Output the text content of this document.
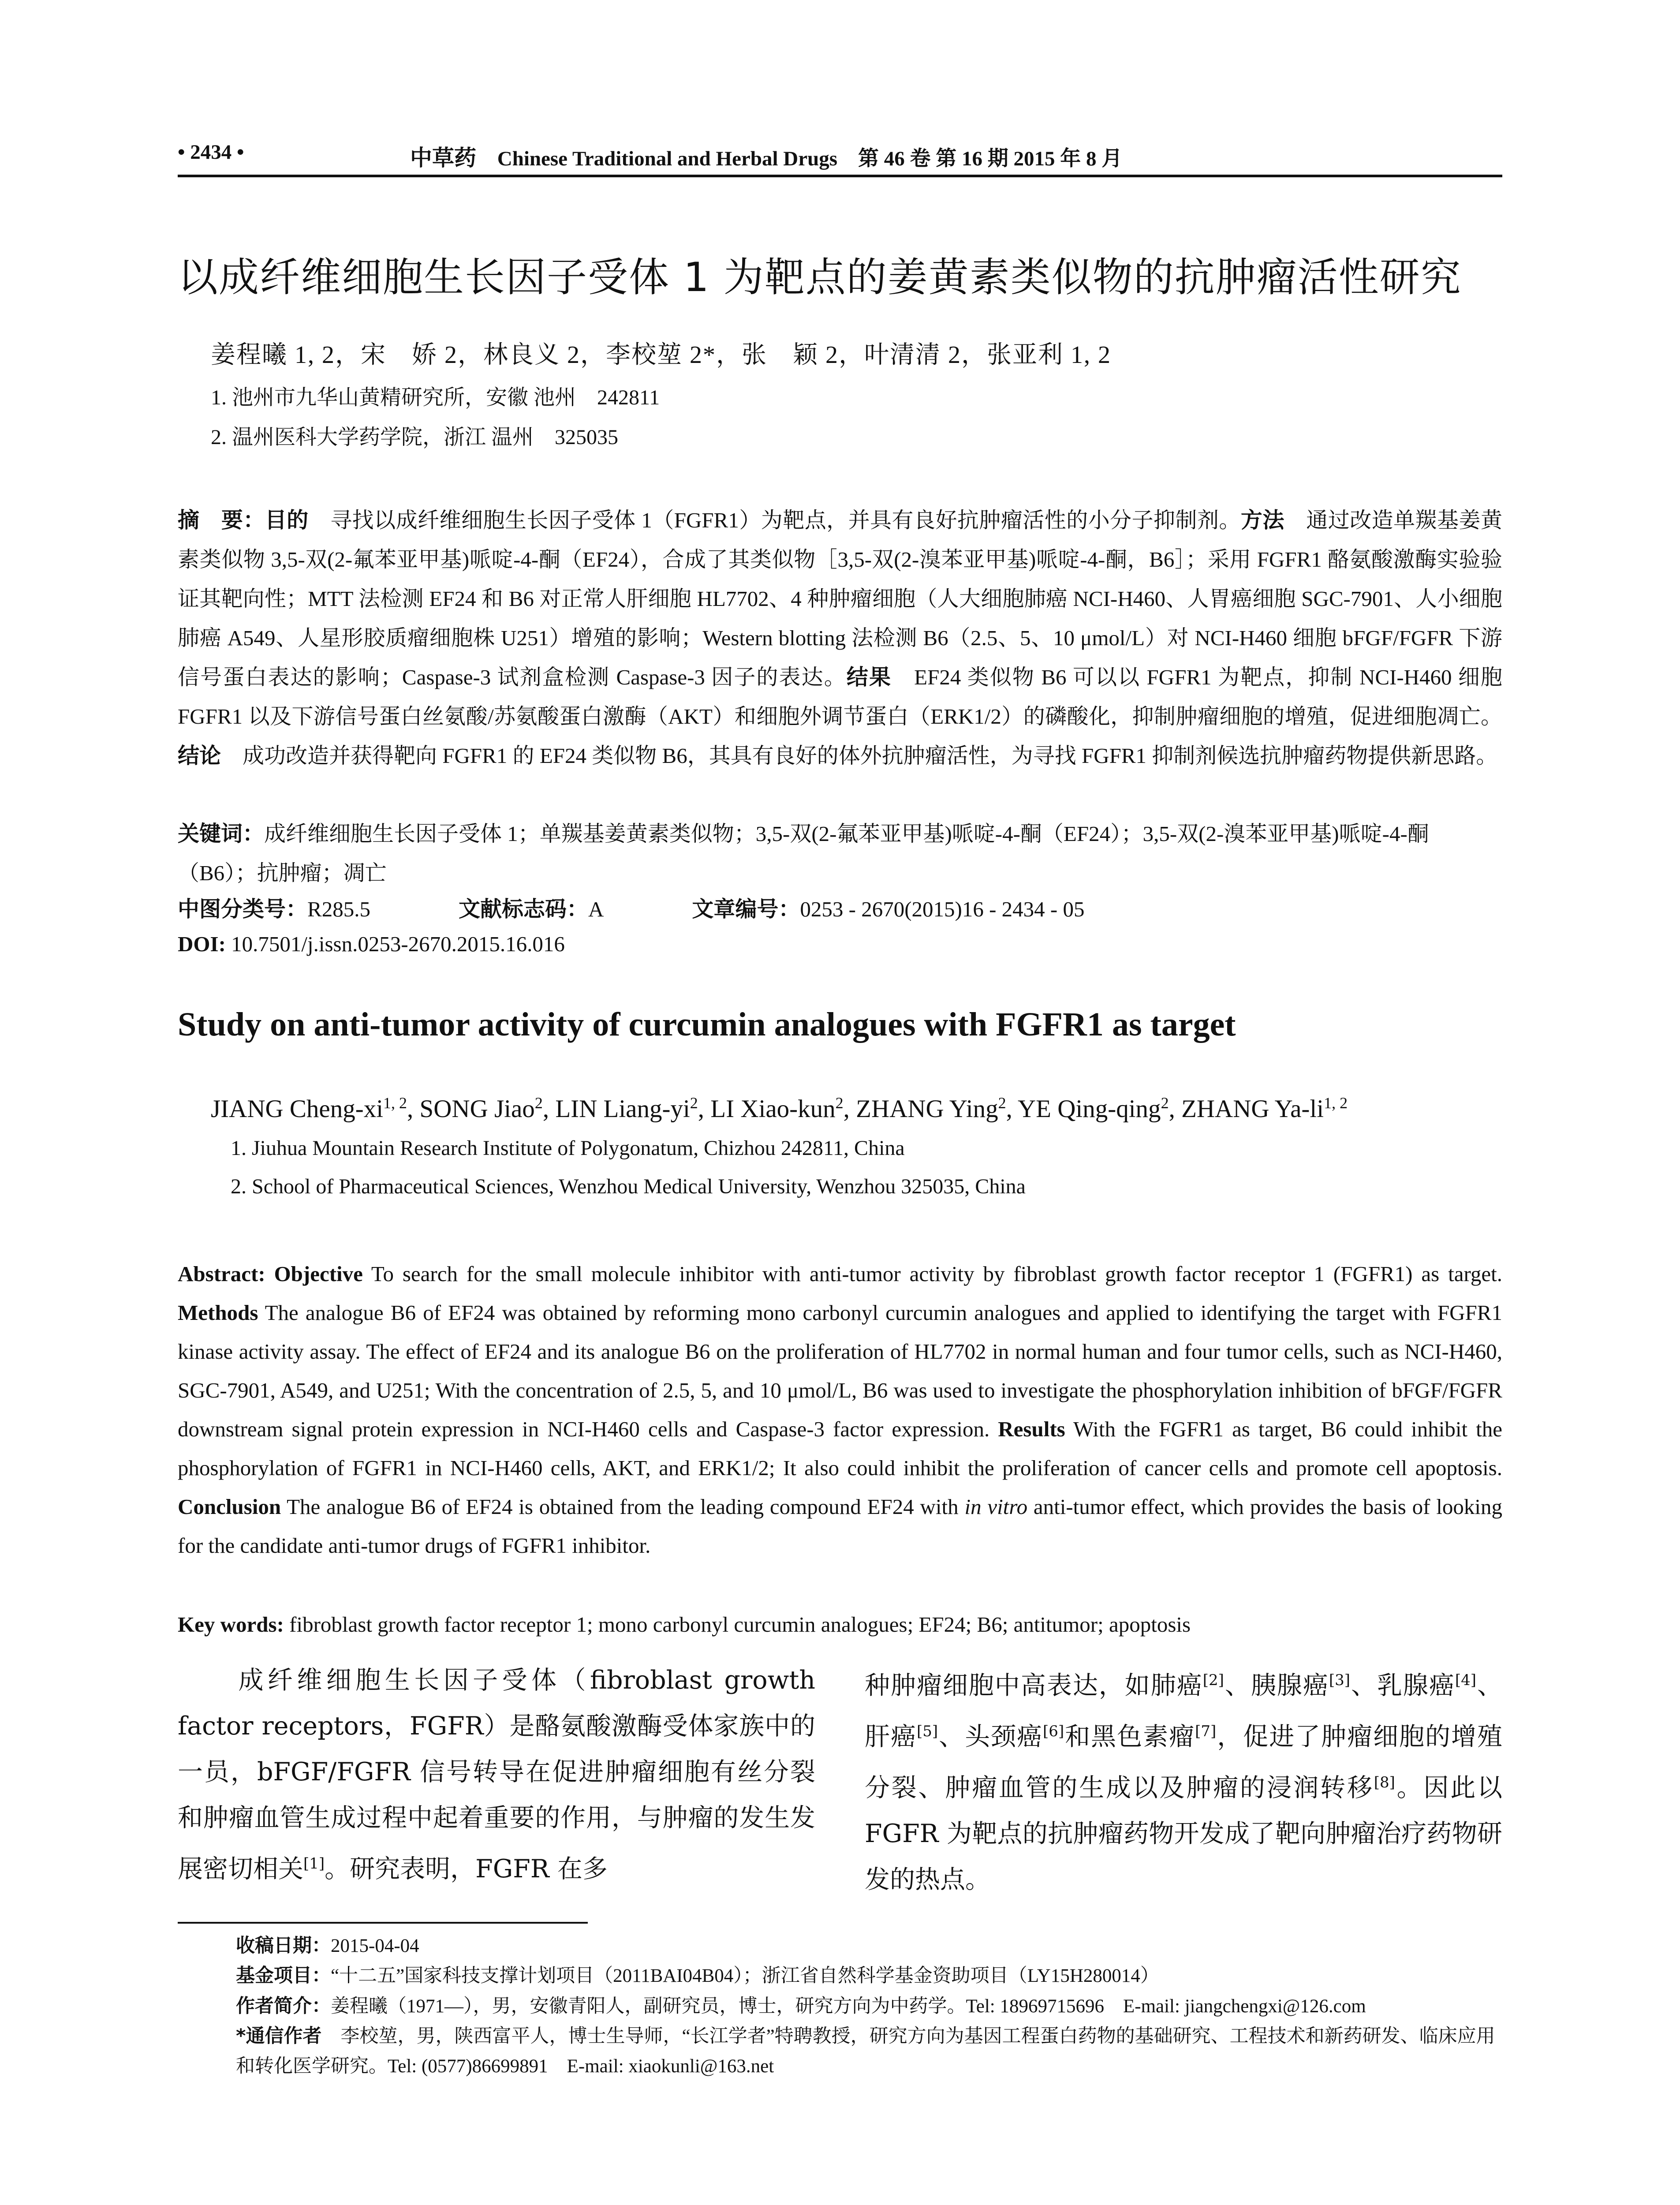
• 2434 •	中草药 Chinese Traditional and Herbal Drugs 第 46 卷 第 16 期 2015 年 8 月
以成纤维细胞生长因子受体 1 为靶点的姜黄素类似物的抗肿瘤活性研究
姜程曦 1, 2，宋　娇 2，林良义 2，李校堃 2*，张　颖 2，叶清清 2，张亚利 1, 2
1. 池州市九华山黄精研究所，安徽 池州　242811
2. 温州医科大学药学院，浙江 温州　325035
摘　要：目的　寻找以成纤维细胞生长因子受体 1（FGFR1）为靶点，并具有良好抗肿瘤活性的小分子抑制剂。方法　通过改造单羰基姜黄素类似物 3,5-双(2-氟苯亚甲基)哌啶-4-酮（EF24），合成了其类似物［3,5-双(2-溴苯亚甲基)哌啶-4-酮，B6］；采用 FGFR1 酪氨酸激酶实验验证其靶向性；MTT 法检测 EF24 和 B6 对正常人肝细胞 HL7702、4 种肿瘤细胞（人大细胞肺癌 NCI-H460、人胃癌细胞 SGC-7901、人小细胞肺癌 A549、人星形胶质瘤细胞株 U251）增殖的影响；Western blotting 法检测 B6（2.5、5、10 μmol/L）对 NCI-H460 细胞 bFGF/FGFR 下游信号蛋白表达的影响；Caspase-3 试剂盒检测 Caspase-3 因子的表达。结果　EF24 类似物 B6 可以以 FGFR1 为靶点，抑制 NCI-H460 细胞 FGFR1 以及下游信号蛋白丝氨酸/苏氨酸蛋白激酶（AKT）和细胞外调节蛋白（ERK1/2）的磷酸化，抑制肿瘤细胞的增殖，促进细胞凋亡。结论　成功改造并获得靶向 FGFR1 的 EF24 类似物 B6，其具有良好的体外抗肿瘤活性，为寻找 FGFR1 抑制剂候选抗肿瘤药物提供新思路。
关键词：成纤维细胞生长因子受体 1；单羰基姜黄素类似物；3,5-双(2-氟苯亚甲基)哌啶-4-酮（EF24）；3,5-双(2-溴苯亚甲基)哌啶-4-酮（B6）；抗肿瘤；凋亡
中图分类号：R285.5	文献标志码：A	文章编号：0253 - 2670(2015)16 - 2434 - 05
DOI: 10.7501/j.issn.0253-2670.2015.16.016
Study on anti-tumor activity of curcumin analogues with FGFR1 as target
JIANG Cheng-xi$^{1, 2}$, SONG Jiao$^2$, LIN Liang-$yi^2$, LI Xiao-kun$^2$, ZHANG Ying$^2$, YE Qing-qing$^2$, ZHANG Ya-li$^{1, 2}$
1. Jiuhua Mountain Research Institute of Polygonatum, Chizhou 242811, China
2. School of Pharmaceutical Sciences, Wenzhou Medical University, Wenzhou 325035, China
Abstract: Objective To search for the small molecule inhibitor with anti-tumor activity by fibroblast growth factor receptor 1 (FGFR1) as target. Methods The analogue B6 of EF24 was obtained by reforming mono carbonyl curcumin analogues and applied to identifying the target with FGFR1 kinase activity assay. The effect of EF24 and its analogue B6 on the proliferation of HL7702 in normal human and four tumor cells, such as NCI-H460, SGC-7901, A549, and U251; With the concentration of 2.5, 5, and 10 μmol/L, B6 was used to investigate the phosphorylation inhibition of bFGF/FGFR downstream signal protein expression in NCI-H460 cells and Caspase-3 factor expression. Results With the FGFR1 as target, B6 could inhibit the phosphorylation of FGFR1 in NCI-H460 cells, AKT, and ERK1/2; It also could inhibit the proliferation of cancer cells and promote cell apoptosis. Conclusion The analogue B6 of EF24 is obtained from the leading compound EF24 with in vitro anti-tumor effect, which provides the basis of looking for the candidate anti-tumor drugs of FGFR1 inhibitor.
Key words: fibroblast growth factor receptor 1; mono carbonyl curcumin analogues; EF24; B6; antitumor; apoptosis
成纤维细胞生长因子受体（fibroblast growth factor receptors，FGFR）是酪氨酸激酶受体家族中的一员，bFGF/FGFR 信号转导在促进肿瘤细胞有丝分裂和肿瘤血管生成过程中起着重要的作用，与肿瘤的发生发展密切相关[1]。研究表明，FGFR 在多
种肿瘤细胞中高表达，如肺癌[2]、胰腺癌[3]、乳腺癌[4]、肝癌[5]、头颈癌[6]和黑色素瘤[7]，促进了肿瘤细胞的增殖分裂、肿瘤血管的生成以及肿瘤的浸润转移[8]。因此以 FGFR 为靶点的抗肿瘤药物开发成了靶向肿瘤治疗药物研发的热点。
收稿日期：2015-04-04
基金项目：“十二五”国家科技支撑计划项目（2011BAI04B04）；浙江省自然科学基金资助项目（LY15H280014）
作者简介：姜程曦（1971—），男，安徽青阳人，副研究员，博士，研究方向为中药学。Tel: 18969715696　E-mail: jiangchengxi@126.com
*通信作者　李校堃，男，陕西富平人，博士生导师，“长江学者”特聘教授，研究方向为基因工程蛋白药物的基础研究、工程技术和新药研发、临床应用和转化医学研究。Tel: (0577)86699891　E-mail: xiaokunli@163.net
